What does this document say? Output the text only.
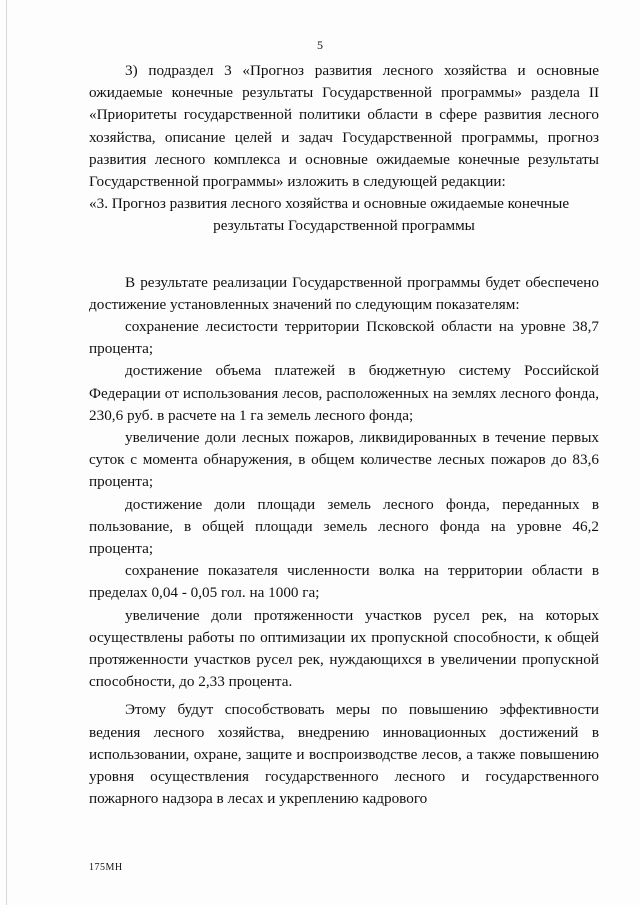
5

3) подраздел 3 «Прогноз развития лесного хозяйства и основные ожидаемые конечные результаты Государственной программы» раздела II «Приоритеты государственной политики области в сфере развития лесного хозяйства, описание целей и задач Государственной программы, прогноз развития лесного комплекса и основные ожидаемые конечные результаты Государственной программы» изложить в следующей редакции:

«3. Прогноз развития лесного хозяйства и основные ожидаемые конечные

результаты Государственной программы

В результате реализации Государственной программы будет обеспечено достижение установленных значений по следующим показателям:

сохранение лесистости территории Псковской области на уровне 38,7 процента;

достижение объема платежей в бюджетную систему Российской Федерации от использования лесов, расположенных на землях лесного фонда, 230,6 руб. в расчете на 1 га земель лесного фонда;

увеличение доли лесных пожаров, ликвидированных в течение первых суток с момента обнаружения, в общем количестве лесных пожаров до 83,6 процента;

достижение доли площади земель лесного фонда, переданных в пользование, в общей площади земель лесного фонда на уровне 46,2 процента;

сохранение показателя численности волка на территории области в пределах 0,04 - 0,05 гол. на 1000 га;

увеличение доли протяженности участков русел рек, на которых осуществлены работы по оптимизации их пропускной способности, к общей протяженности участков русел рек, нуждающихся в увеличении пропускной способности, до 2,33 процента.

Этому будут способствовать меры по повышению эффективности ведения лесного хозяйства, внедрению инновационных достижений в использовании, охране, защите и воспроизводстве лесов, а также повышению уровня осуществления государственного лесного и государственного пожарного надзора в лесах и укреплению кадрового

175МН
